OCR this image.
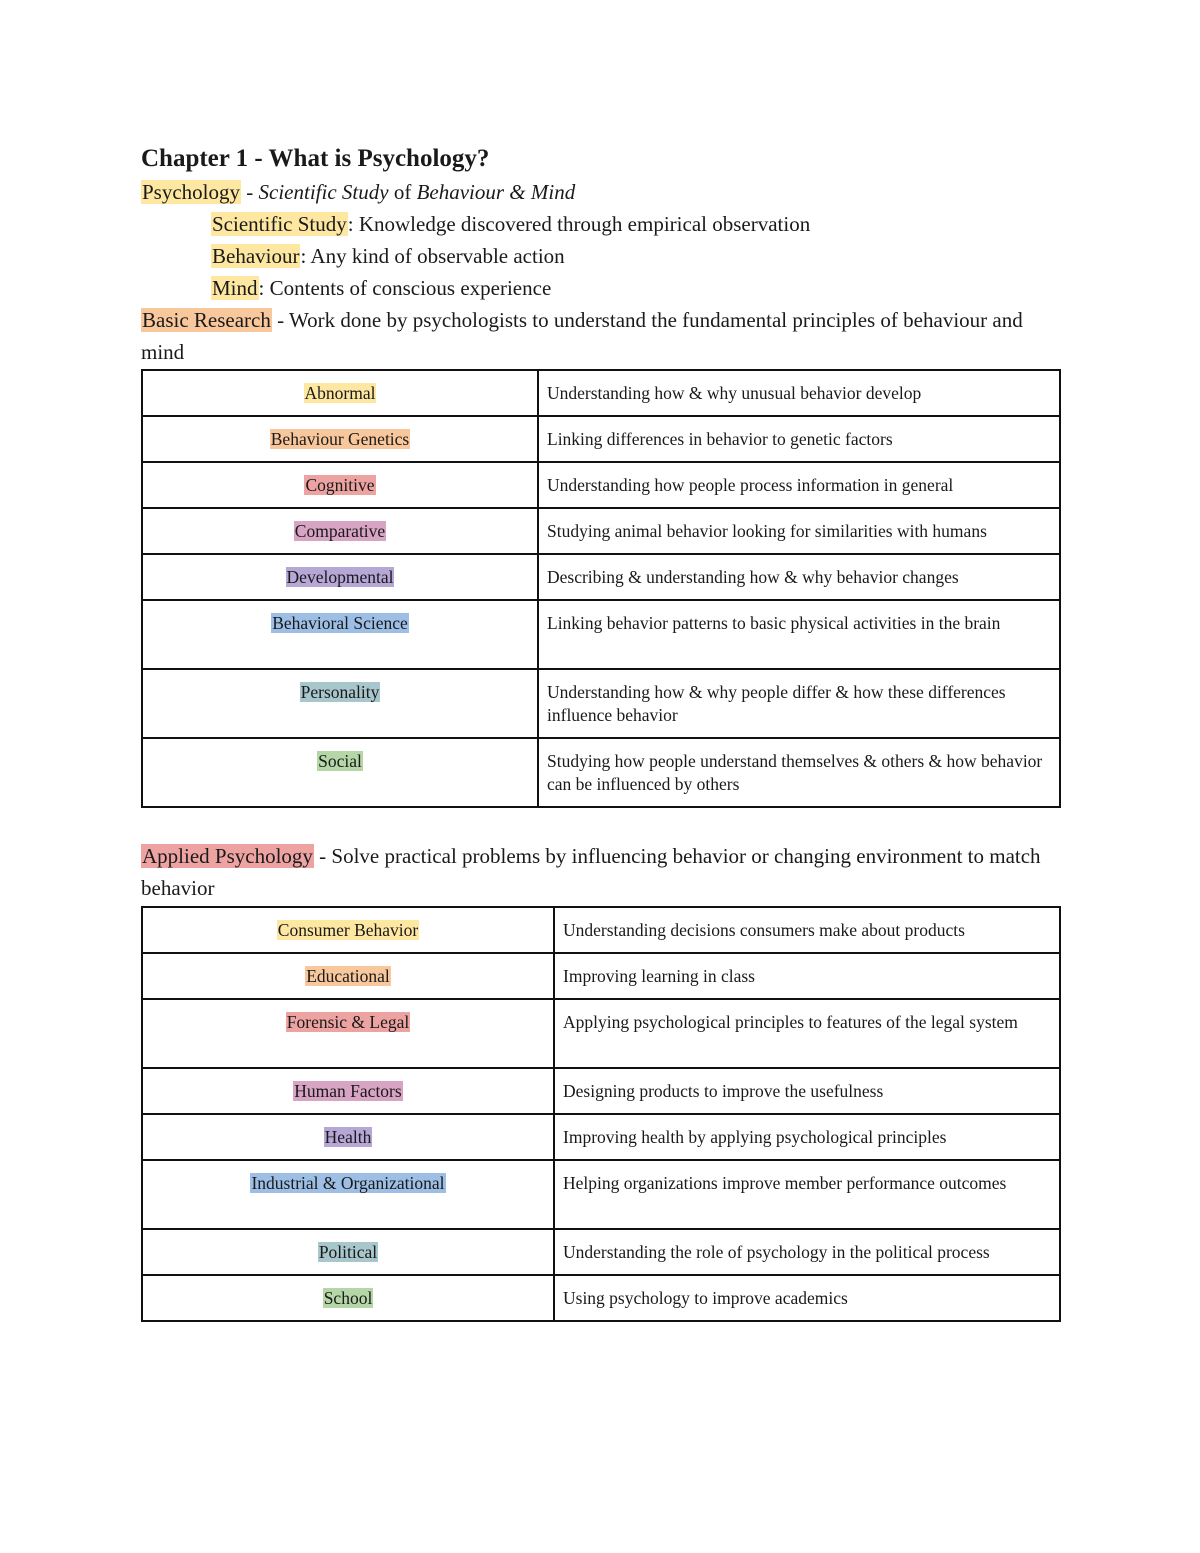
Chapter 1 - What is Psychology?

Psychology - Scientific Study of Behaviour & Mind

Scientific Study: Knowledge discovered through empirical observation

Behaviour: Any kind of observable action

Mind: Contents of conscious experience

Basic Research - Work done by psychologists to understand the fundamental principles of behaviour and mind

Abnormal	Understanding how & why unusual behavior develop
Behaviour Genetics	Linking differences in behavior to genetic factors
Cognitive	Understanding how people process information in general
Comparative	Studying animal behavior looking for similarities with humans
Developmental	Describing & understanding how & why behavior changes
Behavioral Science	Linking behavior patterns to basic physical activities in the brain
Personality	Understanding how & why people differ & how these differences influence behavior
Social	Studying how people understand themselves & others & how behavior can be influenced by others

Applied Psychology - Solve practical problems by influencing behavior or changing environment to match behavior

Consumer Behavior	Understanding decisions consumers make about products
Educational	Improving learning in class
Forensic & Legal	Applying psychological principles to features of the legal system
Human Factors	Designing products to improve the usefulness
Health	Improving health by applying psychological principles
Industrial & Organizational	Helping organizations improve member performance outcomes
Political	Understanding the role of psychology in the political process
School	Using psychology to improve academics
